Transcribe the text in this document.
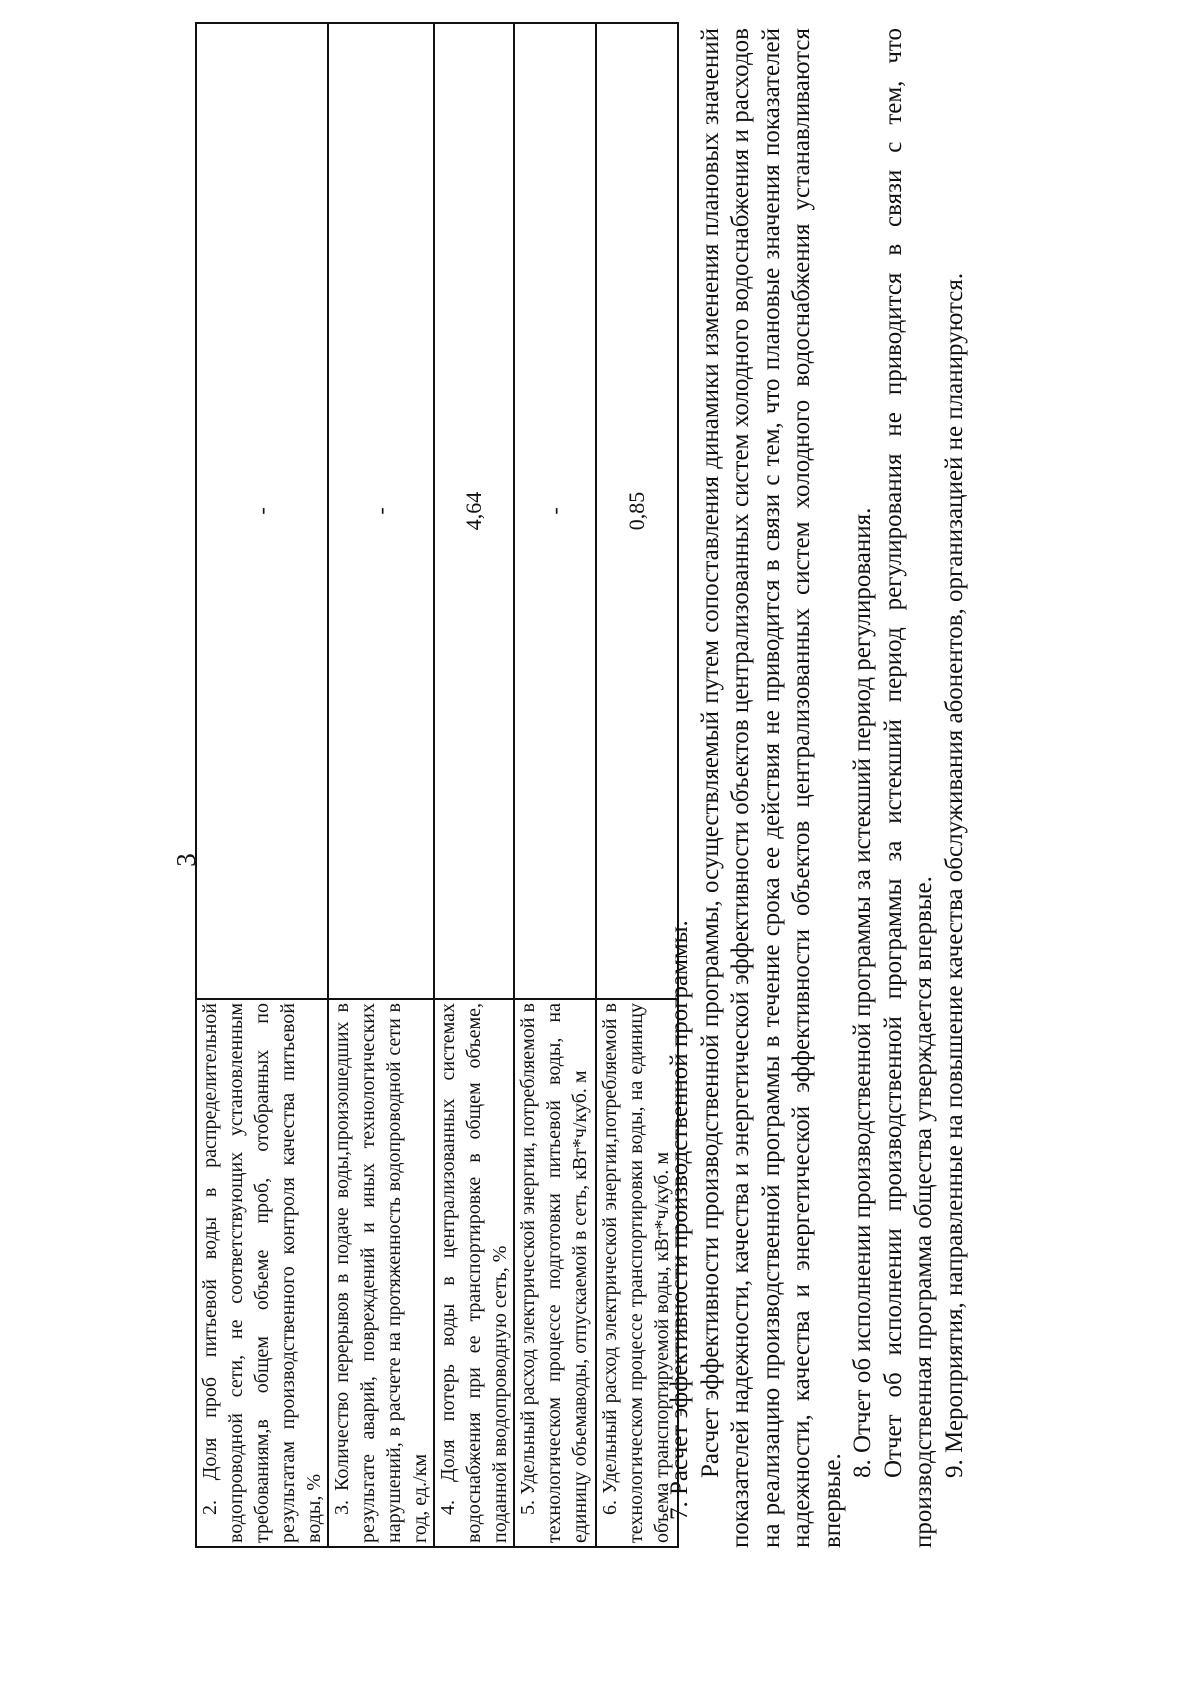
3
2. Доля проб питьевой воды в распределительной водопроводной сети, не соответствующих установленным требованиям,в общем объеме проб, отобранных по результатам производственного контроля качества питьевой воды, %	-
3. Количество перерывов в подаче воды,произошедших в результате аварий, повреждений и иных технологических нарушений, в расчете на протяженность водопроводной сети в год, ед./км	-
4. Доля потерь воды в централизованных системах водоснабжения при ее транспортировке в общем объеме, поданной вводопроводную сеть, %	4,64
5. Удельный расход электрической энергии, потребляемой в технологическом процессе подготовки питьевой воды, на единицу объемаводы, отпускаемой в сеть, кВт*ч/куб. м	-
6. Удельный расход электрической энергии,потребляемой в технологическом процессе транспортировки воды, на единицу объема транспортируемой воды, кВт*ч/куб. м	0,85

7. Расчет эффективности производственной программы. Расчет эффективности производственной программы, осуществляемый путем сопоставления динамики изменения плановых значений показателей надежности, качества и энергетической эффективности объектов централизованных систем холодного водоснабжения и расходов на реализацию производственной программы в течение срока ее действия не приводится в связи с тем, что плановые значения показателей надежности, качества и энергетической эффективности объектов централизованных систем холодного водоснабжения устанавливаются впервые.

8. Отчет об исполнении производственной программы за истекший период регулирования. Отчет об исполнении производственной программы за истекший период регулирования не приводится в связи с тем, что производственная программа общества утверждается впервые. 9. Мероприятия, направленные на повышение качества обслуживания абонентов, организацией не планируются.
